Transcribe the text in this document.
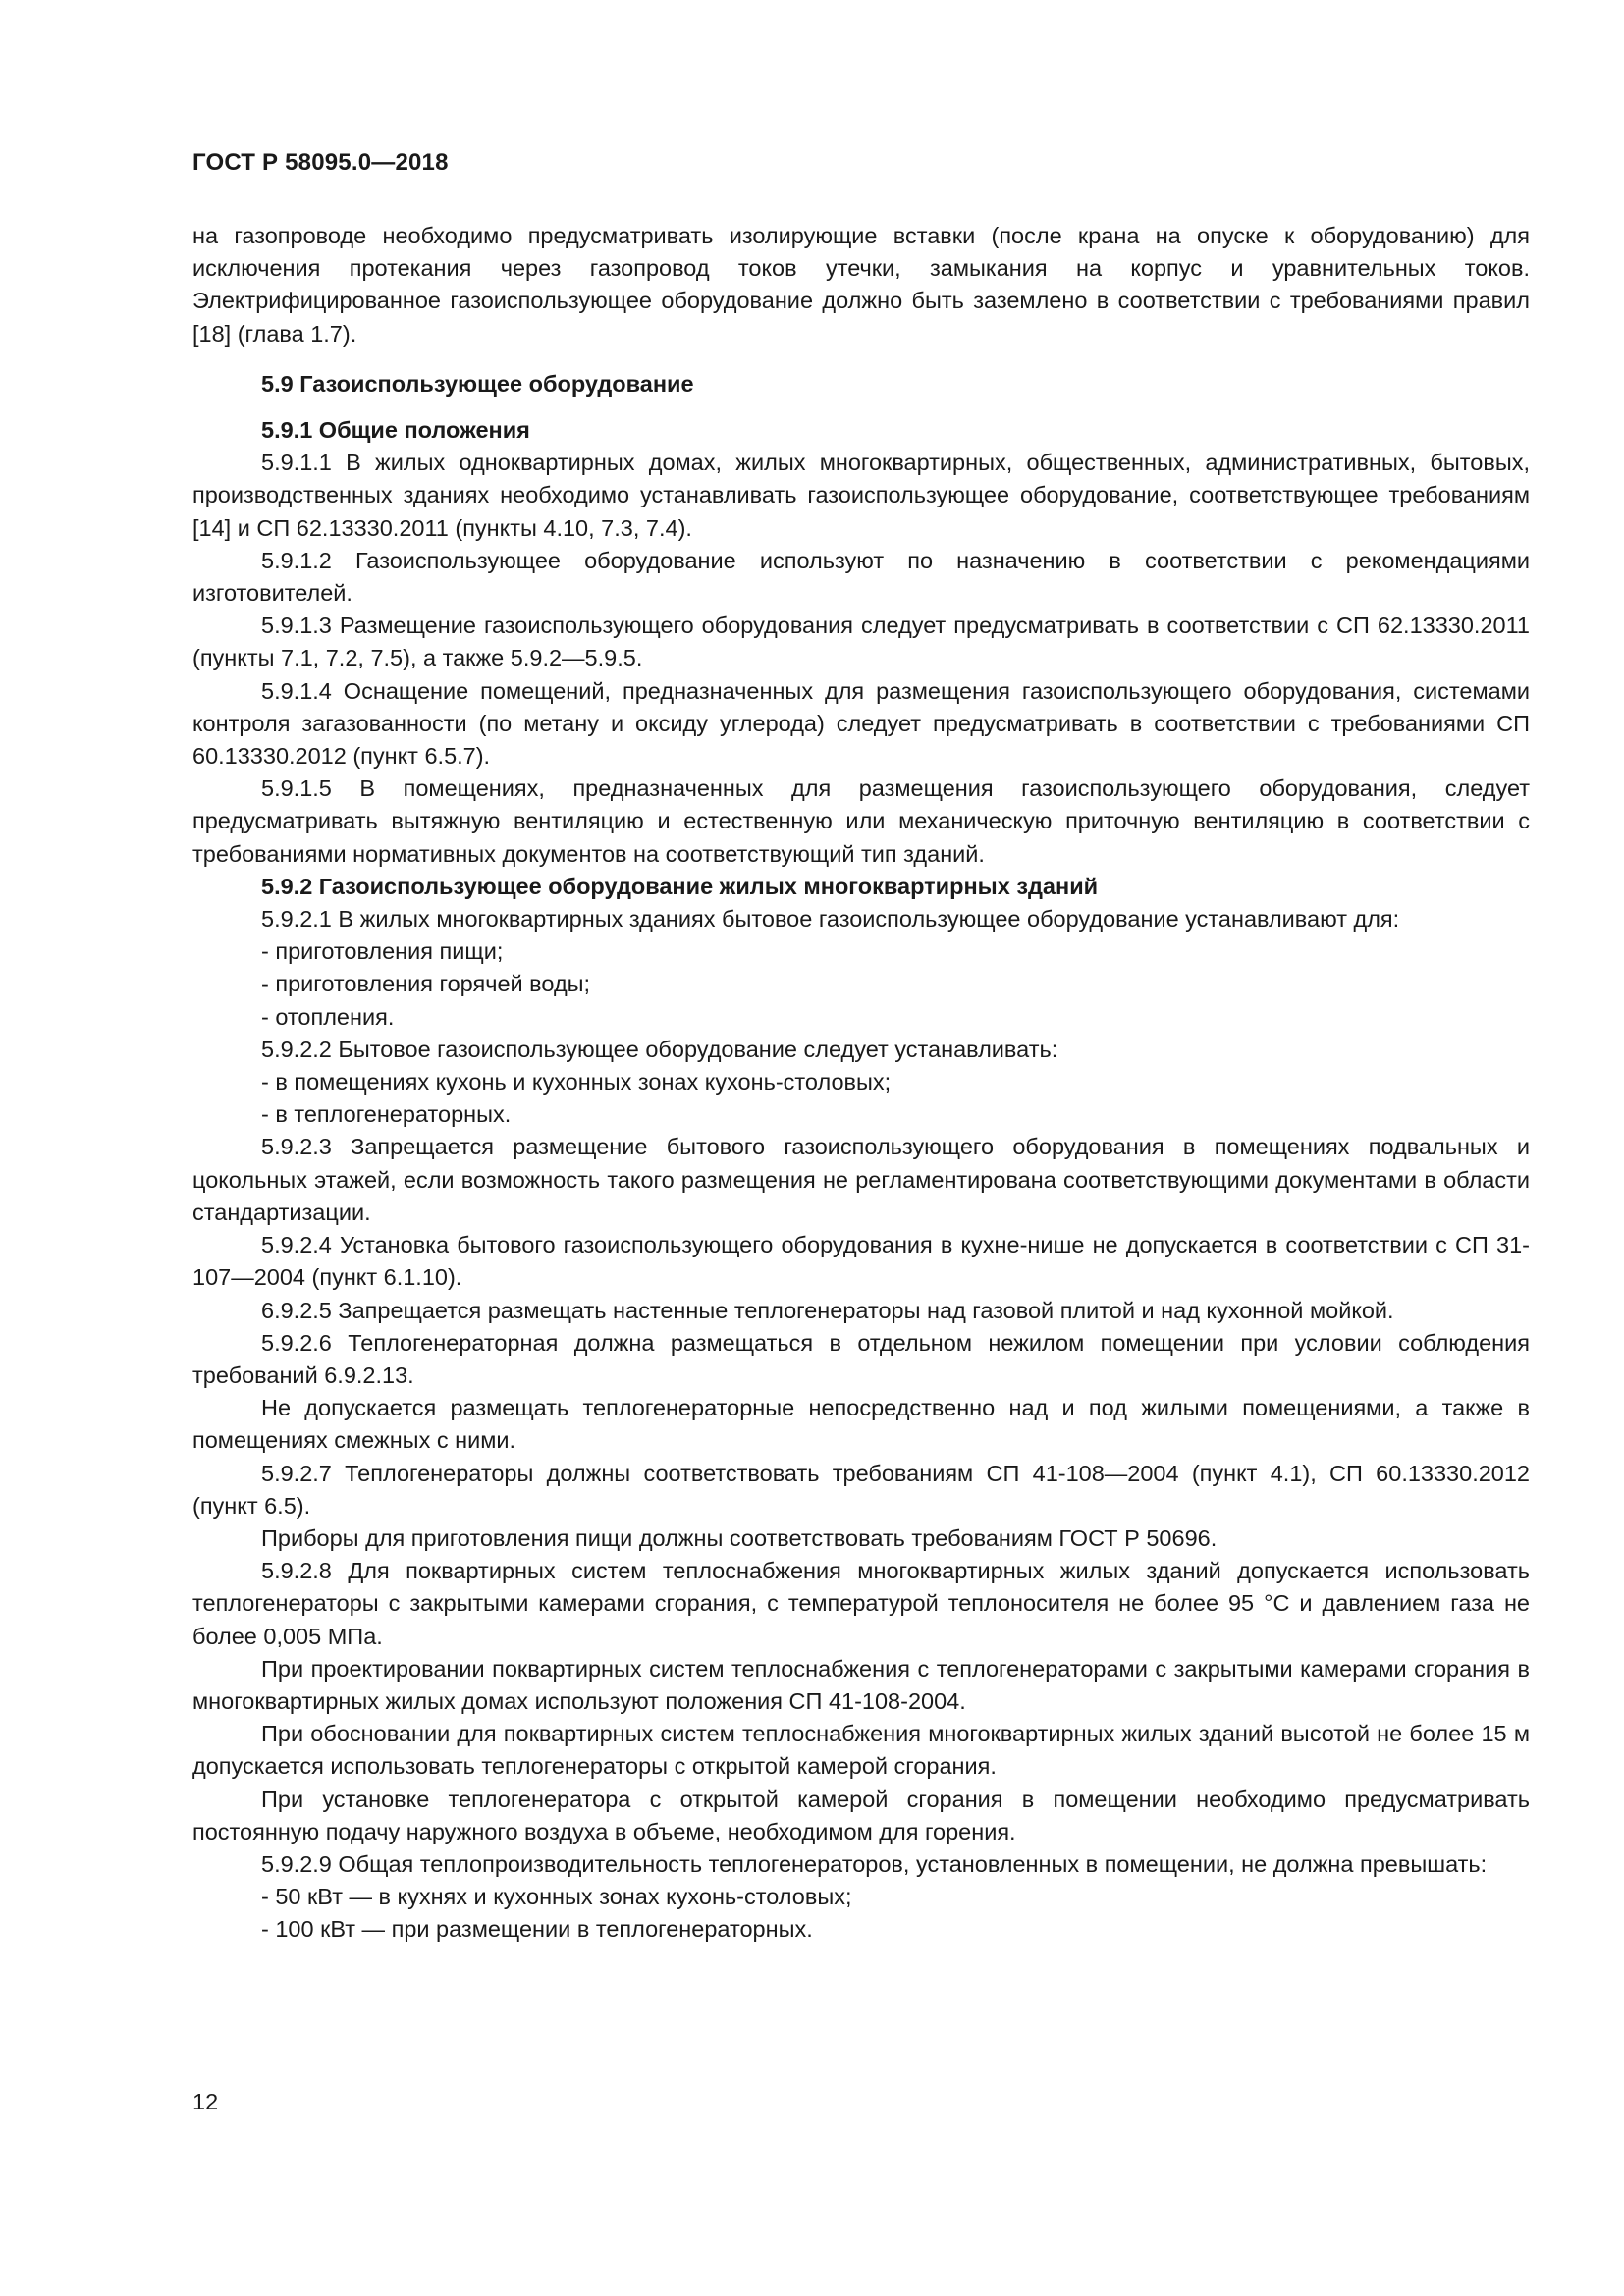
ГОСТ Р 58095.0—2018

на газопроводе необходимо предусматривать изолирующие вставки (после крана на опуске к оборудованию) для исключения протекания через газопровод токов утечки, замыкания на корпус и уравнительных токов. Электрифицированное газоиспользующее оборудование должно быть заземлено в соответствии с требованиями правил [18] (глава 1.7).

5.9 Газоиспользующее оборудование

5.9.1 Общие положения

5.9.1.1 В жилых одноквартирных домах, жилых многоквартирных, общественных, административных, бытовых, производственных зданиях необходимо устанавливать газоиспользующее оборудование, соответствующее требованиям [14] и СП 62.13330.2011 (пункты 4.10, 7.3, 7.4).

5.9.1.2 Газоиспользующее оборудование используют по назначению в соответствии с рекомендациями изготовителей.

5.9.1.3 Размещение газоиспользующего оборудования следует предусматривать в соответствии с СП 62.13330.2011 (пункты 7.1, 7.2, 7.5), а также 5.9.2—5.9.5.

5.9.1.4 Оснащение помещений, предназначенных для размещения газоиспользующего оборудования, системами контроля загазованности (по метану и оксиду углерода) следует предусматривать в соответствии с требованиями СП 60.13330.2012 (пункт 6.5.7).

5.9.1.5 В помещениях, предназначенных для размещения газоиспользующего оборудования, следует предусматривать вытяжную вентиляцию и естественную или механическую приточную вентиляцию в соответствии с требованиями нормативных документов на соответствующий тип зданий.

5.9.2 Газоиспользующее оборудование жилых многоквартирных зданий

5.9.2.1 В жилых многоквартирных зданиях бытовое газоиспользующее оборудование устанавливают для:

- приготовления пищи;

- приготовления горячей воды;

- отопления.

5.9.2.2 Бытовое газоиспользующее оборудование следует устанавливать:

- в помещениях кухонь и кухонных зонах кухонь-столовых;

- в теплогенераторных.

5.9.2.3 Запрещается размещение бытового газоиспользующего оборудования в помещениях подвальных и цокольных этажей, если возможность такого размещения не регламентирована соответствующими документами в области стандартизации.

5.9.2.4 Установка бытового газоиспользующего оборудования в кухне-нише не допускается в соответствии с СП 31-107—2004 (пункт 6.1.10).

6.9.2.5 Запрещается размещать настенные теплогенераторы над газовой плитой и над кухонной мойкой.

5.9.2.6 Теплогенераторная должна размещаться в отдельном нежилом помещении при условии соблюдения требований 6.9.2.13.

Не допускается размещать теплогенераторные непосредственно над и под жилыми помещениями, а также в помещениях смежных с ними.

5.9.2.7 Теплогенераторы должны соответствовать требованиям СП 41-108—2004 (пункт 4.1), СП 60.13330.2012 (пункт 6.5).

Приборы для приготовления пищи должны соответствовать требованиям ГОСТ Р 50696.

5.9.2.8 Для поквартирных систем теплоснабжения многоквартирных жилых зданий допускается использовать теплогенераторы с закрытыми камерами сгорания, с температурой теплоносителя не более 95 °С и давлением газа не более 0,005 МПа.

При проектировании поквартирных систем теплоснабжения с теплогенераторами с закрытыми камерами сгорания в многоквартирных жилых домах используют положения СП 41-108-2004.

При обосновании для поквартирных систем теплоснабжения многоквартирных жилых зданий высотой не более 15 м допускается использовать теплогенераторы с открытой камерой сгорания.

При установке теплогенератора с открытой камерой сгорания в помещении необходимо предусматривать постоянную подачу наружного воздуха в объеме, необходимом для горения.

5.9.2.9 Общая теплопроизводительность теплогенераторов, установленных в помещении, не должна превышать:

- 50 кВт — в кухнях и кухонных зонах кухонь-столовых;

- 100 кВт — при размещении в теплогенераторных.

12
